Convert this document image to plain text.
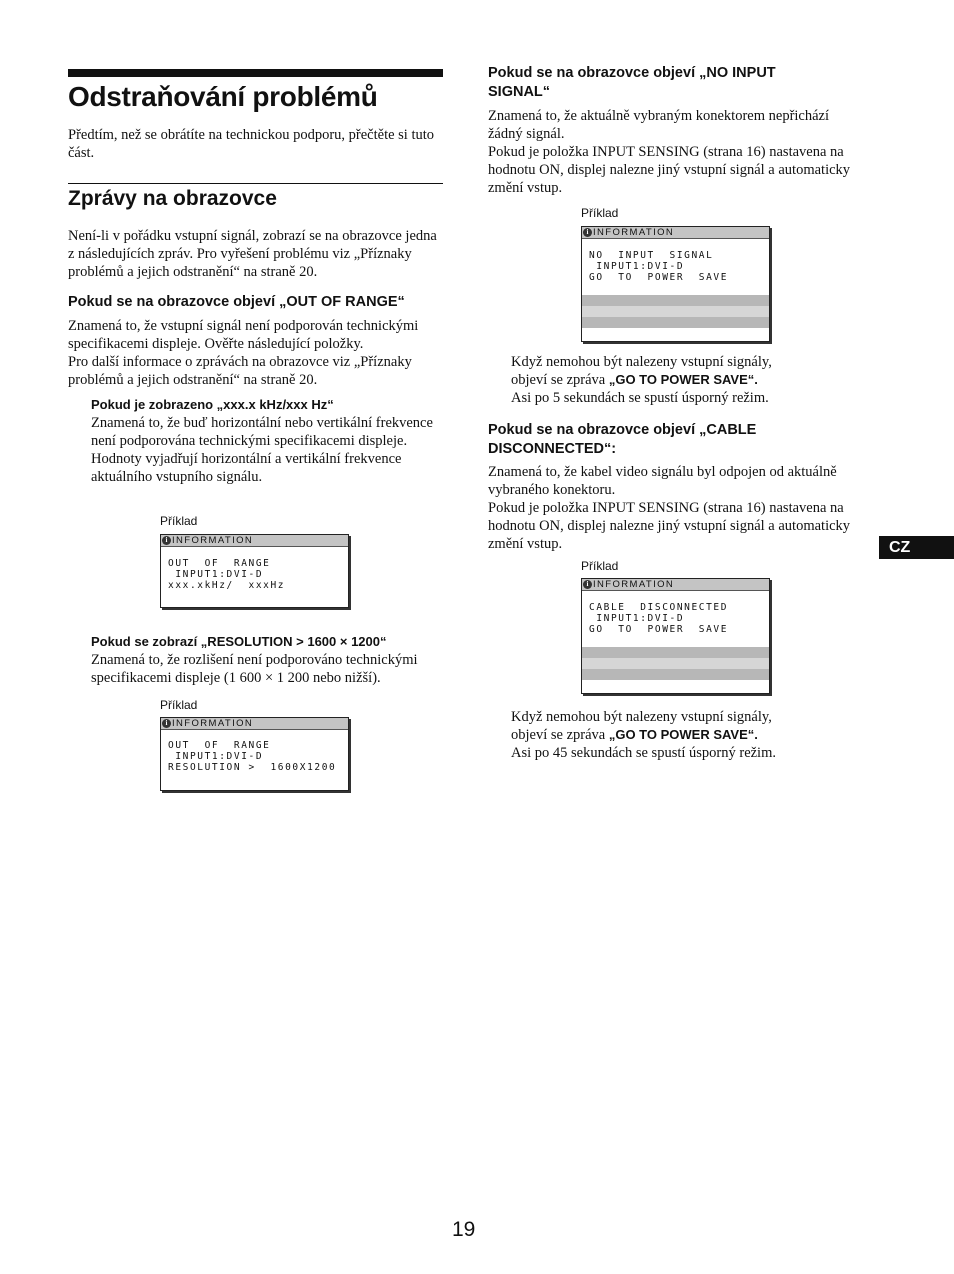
Odstraňování problémů

Předtím, než se obrátíte na technickou podporu, přečtěte si tuto část.

Zprávy na obrazovce

Není-li v pořádku vstupní signál, zobrazí se na obrazovce jedna z následujících zpráv. Pro vyřešení problému viz „Příznaky problémů a jejich odstranění“ na straně 20.

Pokud se na obrazovce objeví „OUT OF RANGE“

Znamená to, že vstupní signál není podporován technickými specifikacemi displeje. Ověřte následující položky.
Pro další informace o zprávách na obrazovce viz „Příznaky problémů a jejich odstranění“ na straně 20.

Pokud je zobrazeno „xxx.x kHz/xxx Hz“

Znamená to, že buď horizontální nebo vertikální frekvence není podporována technickými specifikacemi displeje.
Hodnoty vyjadřují horizontální a vertikální frekvence aktuálního vstupního signálu.

Příklad
i INFORMATION
OUT  OF  RANGE
INPUT1:DVI-D
xxx.xkHz/  xxxHz
Pokud se zobrazí „RESOLUTION > 1600 × 1200“

Znamená to, že rozlišení není podporováno technickými specifikacemi displeje (1 600 × 1 200 nebo nižší).

Příklad
i INFORMATION
OUT  OF  RANGE
INPUT1:DVI-D
RESOLUTION >  1600X1200
Pokud se na obrazovce objeví „NO INPUT SIGNAL“

Znamená to, že aktuálně vybraným konektorem nepřichází žádný signál.
Pokud je položka INPUT SENSING (strana 16) nastavena na hodnotu ON, displej nalezne jiný vstupní signál a automaticky změní vstup.

Příklad
i INFORMATION
NO  INPUT  SIGNAL
INPUT1:DVI-D
GO  TO  POWER  SAVE

Když nemohou být nalezeny vstupní signály,
objeví se zpráva „GO TO POWER SAVE“.
Asi po 5 sekundách se spustí úsporný režim.

Pokud se na obrazovce objeví „CABLE DISCONNECTED“:

Znamená to, že kabel video signálu byl odpojen od aktuálně vybraného konektoru.
Pokud je položka INPUT SENSING (strana 16) nastavena na hodnotu ON, displej nalezne jiný vstupní signál a automaticky změní vstup.

Příklad
i INFORMATION
CABLE  DISCONNECTED
INPUT1:DVI-D
GO  TO  POWER  SAVE

Když nemohou být nalezeny vstupní signály,
objeví se zpráva „GO TO POWER SAVE“.
Asi po 45 sekundách se spustí úsporný režim.

CZ
19
